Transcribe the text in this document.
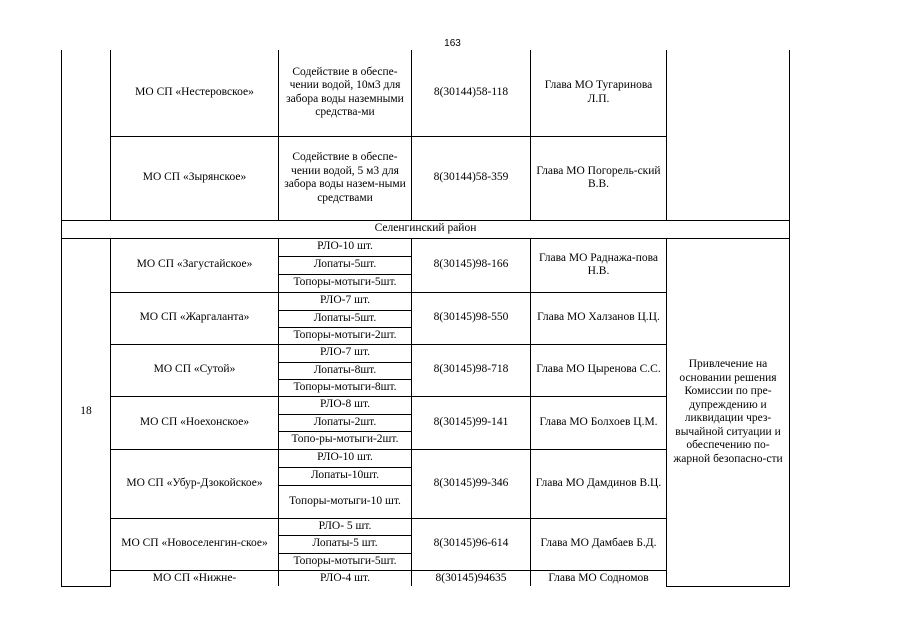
163
	МО СП «Нестеровское»	Содействие в обеспе-чении водой, 10м3 для забора воды наземными средства-ми	8(30144)58-118	Глава МО Тугаринова Л.П.	
	МО СП «Зырянское»	Содействие в обеспе-чении водой, 5 м3 для забора воды назем-ными средствами	8(30144)58-359	Глава МО Погорель-ский В.В.	
Селенгинский район					
18	МО СП «Загустайское»	РЛО-10 шт.	8(30145)98-166	Глава МО Раднажа-пова Н.В.	Привлечение на основании решения Комиссии по пре-дупреждению и ликвидации чрез-вычайной ситуации и обеспечению по-жарной безопасно-сти
		Лопаты-5шт.			
		Топоры-мотыги-5шт.			
	МО СП «Жаргаланта»	РЛО-7 шт.	8(30145)98-550	Глава МО Халзанов Ц.Ц.	
		Лопаты-5шт.			
		Топоры-мотыги-2шт.			
	МО СП «Сутой»	РЛО-7 шт.	8(30145)98-718	Глава МО Цыренова С.С.	
		Лопаты-8шт.			
		Топоры-мотыги-8шт.			
	МО СП «Ноехонское»	РЛО-8 шт.	8(30145)99-141	Глава МО Болхоев Ц.М.	
		Лопаты-2шт.			
		Топо-ры-мотыги-2шт.			
	МО СП «Убур-Дзокойское»	РЛО-10 шт.	8(30145)99-346	Глава МО Дамдинов В.Ц.	
		Лопаты-10шт.			
		Топоры-мотыги-10 шт.			
	МО СП «Новоселенгин-ское»	РЛО- 5 шт.	8(30145)96-614	Глава МО Дамбаев Б.Д.	
		Лопаты-5 шт.			
		Топоры-мотыги-5шт.			
	МО СП «Нижне-	РЛО-4 шт.	8(30145)94635	Глава МО Содномов	
